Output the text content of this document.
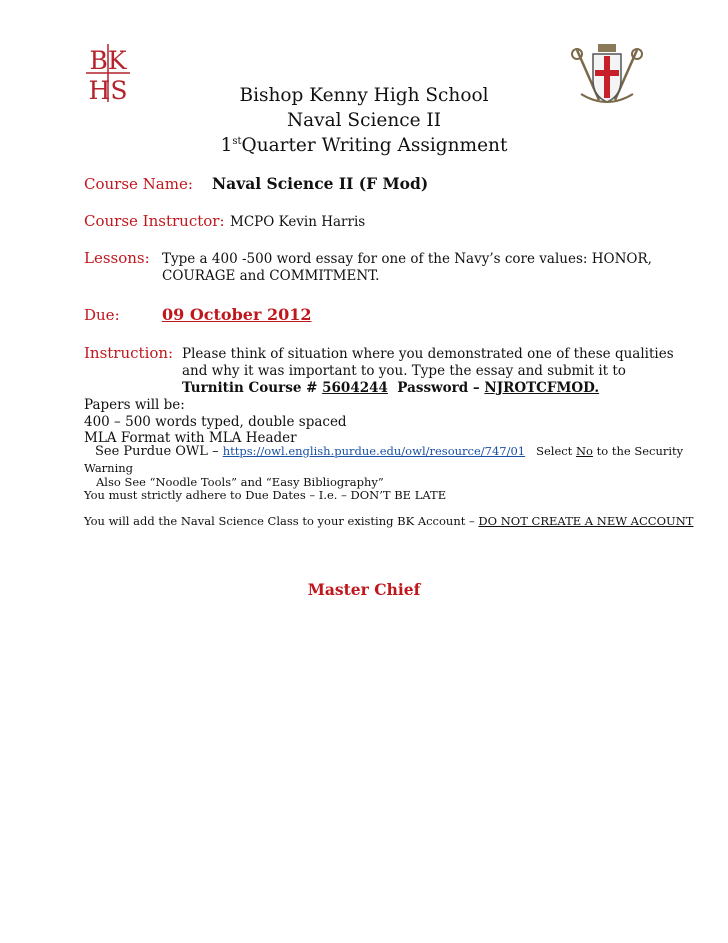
BK
HS	Bishop Kenny High School
Naval Science II
1stQuarter Writing Assignment
Course Name: Naval Science II (F Mod)
Course Instructor: MCPO Kevin Harris
Lessons: Type a 400 -500 word essay for one of the Navy’s core values: HONOR,
COURAGE and COMMITMENT.
Due:	09 October 2012
Instruction: Please think of situation where you demonstrated one of these qualities
and why it was important to you. Type the essay and submit it to
Turnitin Course # 5604244  Password – NJROTCFMOD.
Papers will be:
400 – 500 words typed, double spaced
MLA Format with MLA Header
See Purdue OWL – https://owl.english.purdue.edu/owl/resource/747/01 Select No to the Security
Warning
Also See “Noodle Tools” and “Easy Bibliography”
You must strictly adhere to Due Dates – I.e. – DON’T BE LATE
You will add the Naval Science Class to your existing BK Account – DO NOT CREATE A NEW ACCOUNT
Master Chief
